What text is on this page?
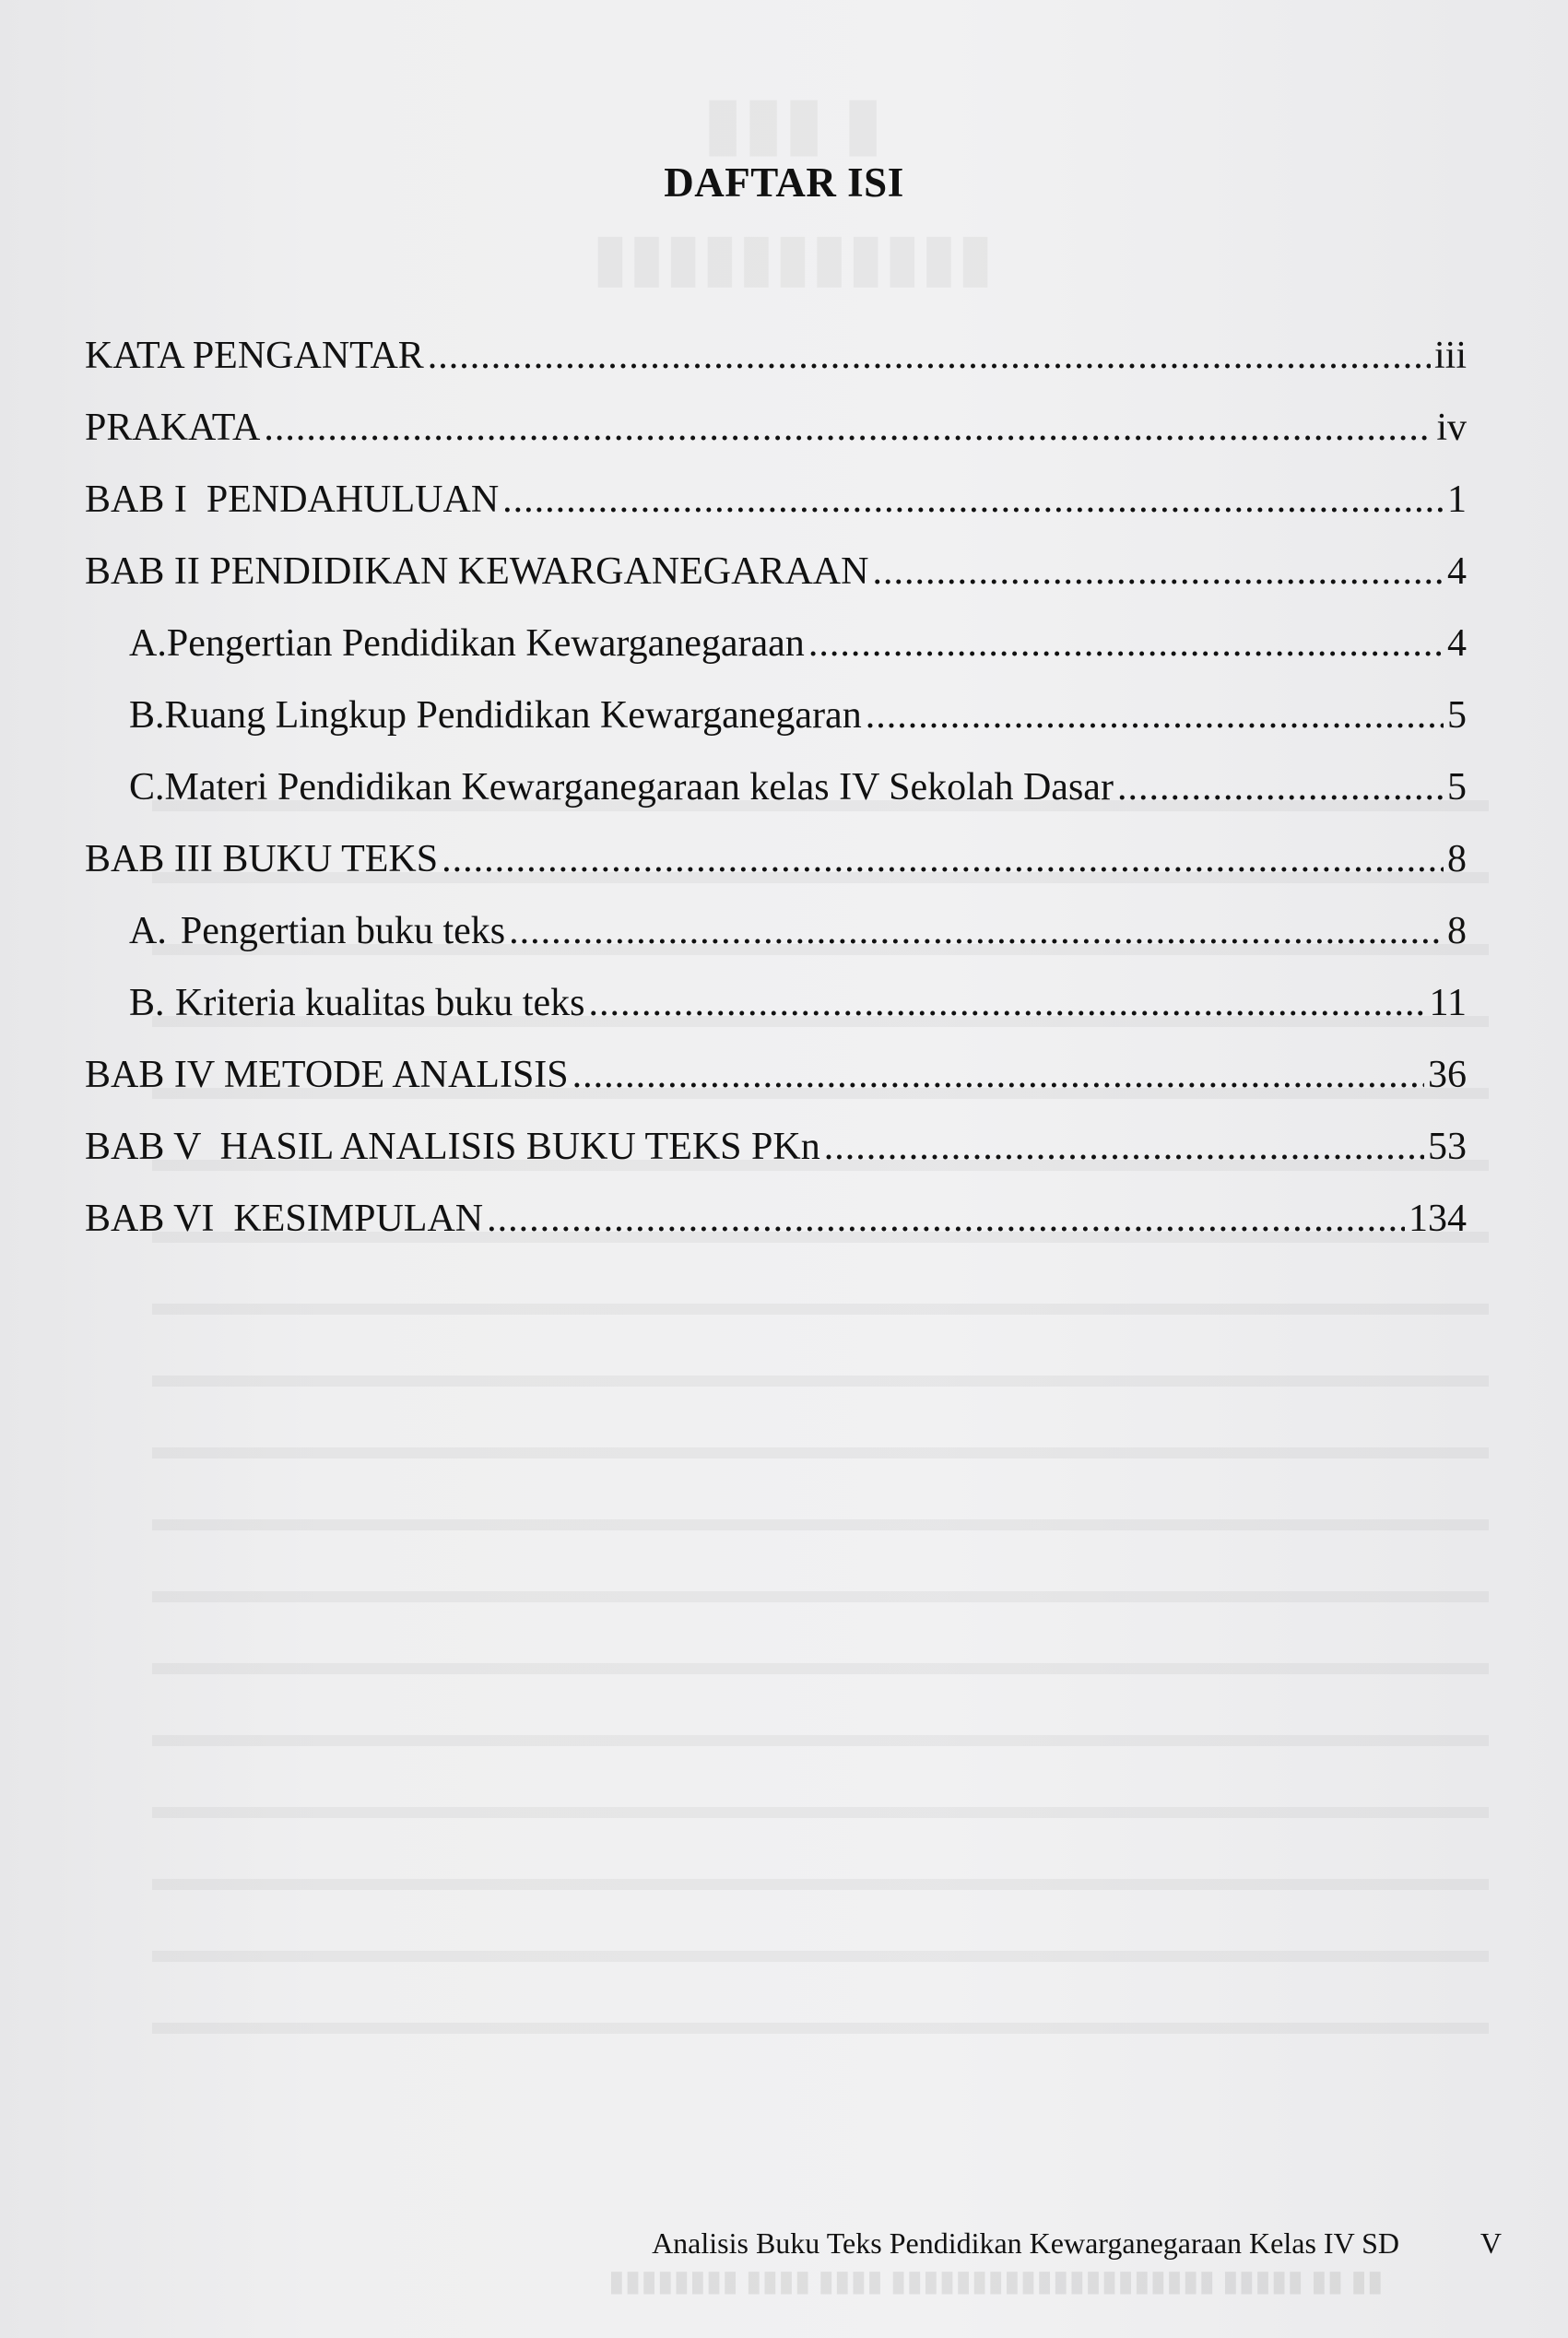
DAFTAR ISI
KATA PENGANTAR .....	iii
PRAKATA .....	iv
BAB I  PENDAHULUAN .....	1
BAB II PENDIDIKAN KEWARGANEGARAAN .....	4
A. Pengertian Pendidikan Kewarganegaraan .....	4
B. Ruang Lingkup Pendidikan Kewarganegaran .....	5
C. Materi Pendidikan Kewarganegaraan kelas IV Sekolah Dasar .....	5
BAB III BUKU TEKS .....	8
A. Pengertian buku teks .....	8
B. Kriteria kualitas buku teks .....	11
BAB IV METODE ANALISIS .....	36
BAB V  HASIL ANALISIS BUKU TEKS PKn .....	53
BAB VI  KESIMPULAN .....	134
Analisis Buku Teks Pendidikan Kewarganegaraan Kelas IV SD	V
▮▮▮▮▮▮▮▮ ▮▮▮▮ ▮▮▮▮ ▮▮▮▮▮▮▮▮▮▮▮▮▮▮▮▮▮▮▮▮ ▮▮▮▮▮ ▮▮ ▮▮
